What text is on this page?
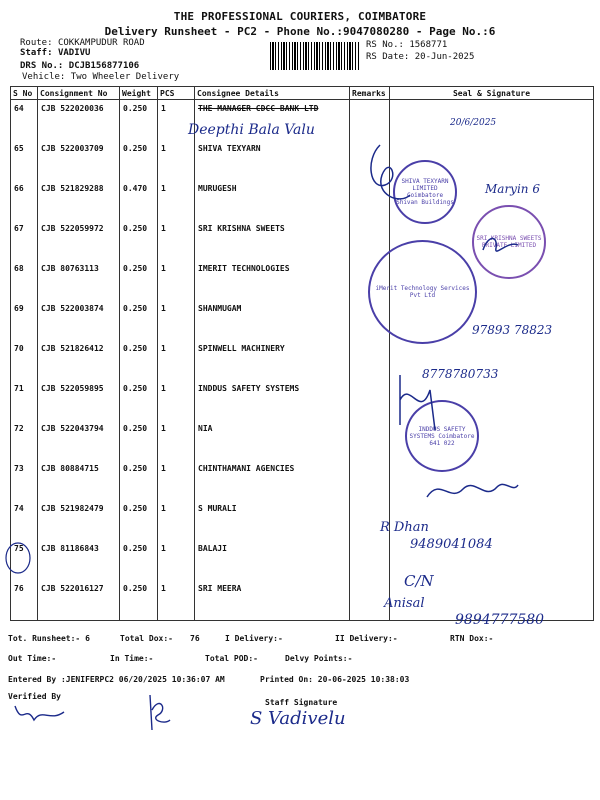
THE PROFESSIONAL COURIERS, COIMBATORE
Delivery Runsheet - PC2 - Phone No.:9047080280 - Page No.:6
Route: COKKAMPUDUR ROAD
Staff: VADIVU
DRS No.: DCJB156877106
Vehicle: Two Wheeler Delivery
RS No.: 1568771
RS Date: 20-Jun-2025
S No	Consignment No	Weight	PCS	Consignee Details	Remarks	Seal & Signature
64	CJB 522020036	0.250	1	THE MANAGER CDCC BANK LTD		
65	CJB 522003709	0.250	1	SHIVA TEXYARN		
66	CJB 521829288	0.470	1	MURUGESH		
67	CJB 522059972	0.250	1	SRI KRISHNA SWEETS		
68	CJB 80763113	0.250	1	IMERIT TECHNOLOGIES		
69	CJB 522003874	0.250	1	SHANMUGAM		
70	CJB 521826412	0.250	1	SPINWELL MACHINERY		
71	CJB 522059895	0.250	1	INDDUS SAFETY SYSTEMS		
72	CJB 522043794	0.250	1	NIA		
73	CJB 80884715	0.250	1	CHINTHAMANI AGENCIES		
74	CJB 521982479	0.250	1	S MURALI		
75	CJB 81186843	0.250	1	BALAJI		
76	CJB 522016127	0.250	1	SRI MEERA		
Deepthi Bala Valu	20/6/2025
Maryin 6
97893 78823
8778780733
R Dhan
9489041084
C/N
Anisal
9894777580
SHIVA TEXYARN LIMITED Coimbatore Shivan Buildings
SRI KRISHNA SWEETS PRIVATE LIMITED
iMerit Technology Services Pvt Ltd
INDDUS SAFETY SYSTEMS Coimbatore 641 022
Tot. Runsheet:- 6	Total Dox:- 76	I Delivery:-	II Delivery:-	RTN Dox:-
Out Time:-	In Time:-	Total POD:-	Delvy Points:-
Entered By :JENIFERPC2 06/20/2025 10:36:07 AM	Printed On: 20-06-2025 10:38:03
Verified By
Staff Signature
S Vadivelu
